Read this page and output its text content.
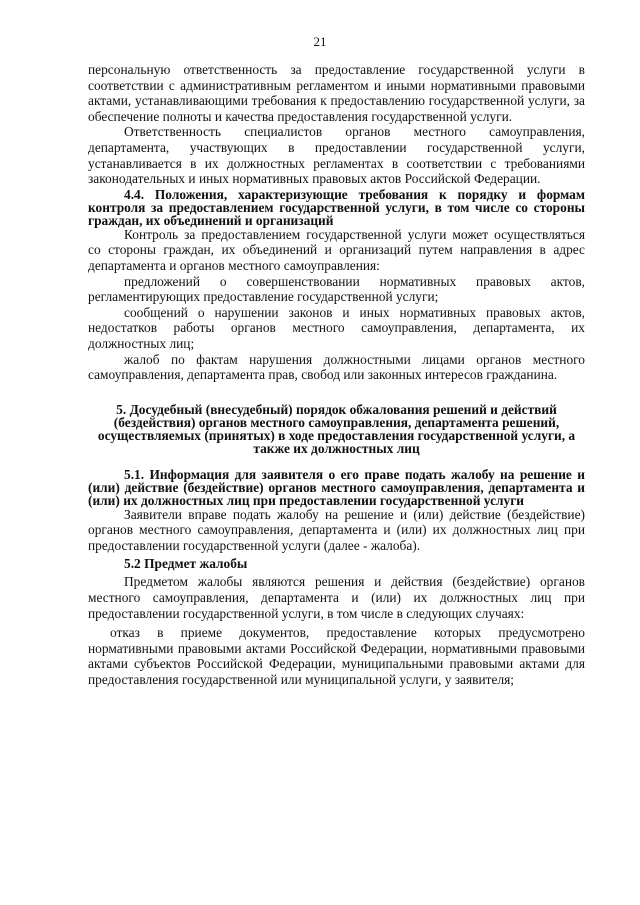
21

персональную ответственность за предоставление государственной услуги в соответствии с административным регламентом и иными нормативными правовыми актами, устанавливающими требования к предоставлению государственной услуги, за обеспечение полноты и качества предоставления государственной услуги.

Ответственность специалистов органов местного самоуправления, департамента, участвующих в предоставлении государственной услуги, устанавливается в их должностных регламентах в соответствии с требованиями законодательных и иных нормативных правовых актов Российской Федерации.

4.4. Положения, характеризующие требования к порядку и формам контроля за предоставлением государственной услуги, в том числе со стороны граждан, их объединений и организаций

Контроль за предоставлением государственной услуги может осуществляться со стороны граждан, их объединений и организаций путем направления в адрес департамента и органов местного самоуправления:

предложений о совершенствовании нормативных правовых актов, регламентирующих предоставление государственной услуги;

сообщений о нарушении законов и иных нормативных правовых актов, недостатков работы органов местного самоуправления, департамента, их должностных лиц;

жалоб по фактам нарушения должностными лицами органов местного самоуправления, департамента прав, свобод или законных интересов гражданина.

5. Досудебный (внесудебный) порядок обжалования решений и действий (бездействия) органов местного самоуправления, департамента решений, осуществляемых (принятых) в ходе предоставления государственной услуги, а также их должностных лиц

5.1. Информация для заявителя о его праве подать жалобу на решение и (или) действие (бездействие) органов местного самоуправления, департамента и (или) их должностных лиц при предоставлении государственной услуги

Заявители вправе подать жалобу на решение и (или) действие (бездействие) органов местного самоуправления, департамента и (или) их должностных лиц при предоставлении государственной услуги (далее - жалоба).

5.2 Предмет жалобы

Предметом жалобы являются решения и действия (бездействие) органов местного самоуправления, департамента и (или) их должностных лиц при предоставлении государственной услуги, в том числе в следующих случаях:

отказ в приеме документов, предоставление которых предусмотрено нормативными правовыми актами Российской Федерации, нормативными правовыми актами субъектов Российской Федерации, муниципальными правовыми актами для предоставления государственной или муниципальной услуги, у заявителя;
